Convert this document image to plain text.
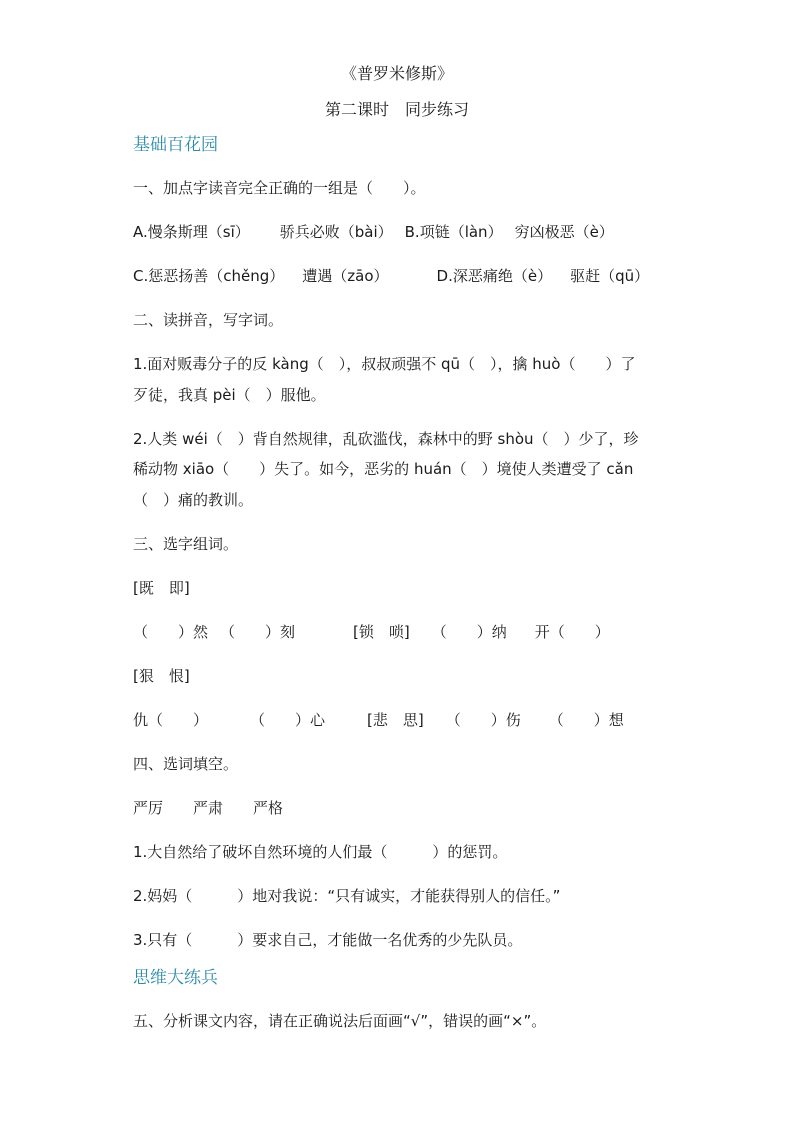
《普罗米修斯》
第二课时　同步练习
基础百花园
一、加点字读音完全正确的一组是（　　）。
A.慢条斯理（sī） 骄兵必败（bài） B.项链（làn） 穷凶极恶（è）
C.惩恶扬善（chěng） 遭遇（zāo）	D.深恶痛绝（è） 驱赶（qū）
二、读拼音，写字词。
1.面对贩毒分子的反 kàng（　），叔叔顽强不 qū（　），擒 huò（　　）了
歹徒，我真 pèi（　）服他。
2.人类 wéi（　）背自然规律，乱砍滥伐，森林中的野 shòu（　）少了，珍
稀动物 xiāo（　　）失了。如今，恶劣的 huán（　）境使人类遭受了 cǎn
（　）痛的教训。
三、选字组词。
[既　即]
（　　）然 （　　）刻	[锁　唢] （　　）纳 开（　　）
[狠　恨]
仇（　　）	（　　）心	[悲　思] （　　）伤 （　　）想
四、选词填空。
严厉 严肃 严格
1.大自然给了破坏自然环境的人们最（　　　）的惩罚。
2.妈妈（　　　）地对我说：“只有诚实，才能获得别人的信任。”
3.只有（　　　）要求自己，才能做一名优秀的少先队员。
思维大练兵
五、分析课文内容，请在正确说法后面画“√”，错误的画“×”。
